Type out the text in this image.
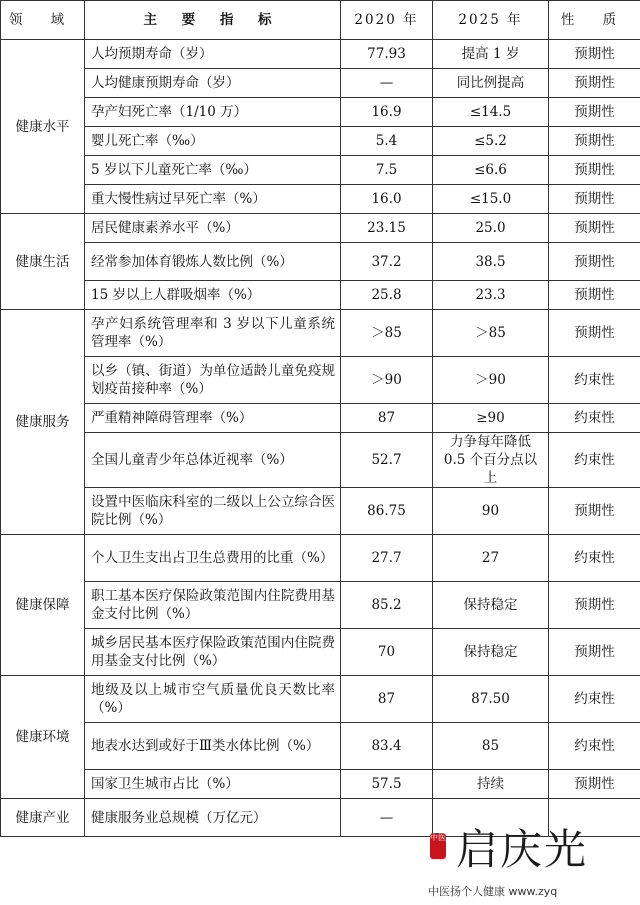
领 域	主 要 指 标	2020 年	2025 年	性 质
健康水平	人均预期寿命（岁）	77.93	提高 1 岁	预期性
	人均健康预期寿命（岁）	—	同比例提高	预期性
	孕产妇死亡率（1/10 万）	16.9	≤14.5	预期性
	婴儿死亡率（‰）	5.4	≤5.2	预期性
	5 岁以下儿童死亡率（‰）	7.5	≤6.6	预期性
	重大慢性病过早死亡率（%）	16.0	≤15.0	预期性
健康生活	居民健康素养水平（%）	23.15	25.0	预期性
	经常参加体育锻炼人数比例（%）	37.2	38.5	预期性
	15 岁以上人群吸烟率（%）	25.8	23.3	预期性
健康服务	孕产妇系统管理率和 3 岁以下儿童系统管理率（%）	＞85	＞85	预期性
	以乡（镇、街道）为单位适龄儿童免疫规划疫苗接种率（%）	＞90	＞90	约束性
	严重精神障碍管理率（%）	87	≥90	约束性
	全国儿童青少年总体近视率（%）	52.7	力争每年降低 0.5 个百分点以上	约束性
	设置中医临床科室的二级以上公立综合医院比例（%）	86.75	90	预期性
健康保障	个人卫生支出占卫生总费用的比重（%）	27.7	27	约束性
	职工基本医疗保险政策范围内住院费用基金支付比例（%）	85.2	保持稳定	预期性
	城乡居民基本医疗保险政策范围内住院费用基金支付比例（%）	70	保持稳定	预期性
健康环境	地级及以上城市空气质量优良天数比率（%）	87	87.50	约束性
	地表水达到或好于Ⅲ类水体比例（%）	83.4	85	约束性
	国家卫生城市占比（%）	57.5	持续	预期性
健康产业	健康服务业总规模（万亿元）	—		
中医 启庆光
中医扬个人健康 www.zyq
